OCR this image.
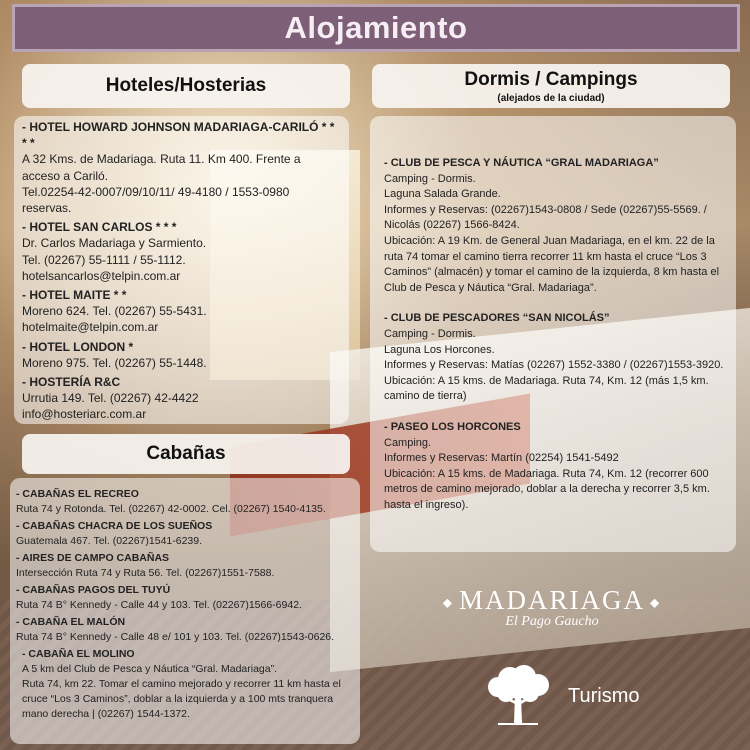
Alojamiento
Hoteles/Hosterias	Dormis / Campings
(alejados de la ciudad)
Cabañas
- HOTEL HOWARD JOHNSON MADARIAGA-CARILÓ * * * *
A 32 Kms. de Madariaga. Ruta 11. Km 400. Frente a acceso a Cariló.
Tel.02254-42-0007/09/10/11/ 49-4180 / 1553-0980 reservas.
- HOTEL SAN CARLOS * * *
Dr. Carlos Madariaga y Sarmiento.
Tel. (02267) 55-1111 / 55-1112.
hotelsancarlos@telpin.com.ar
- HOTEL MAITE * *
Moreno 624. Tel. (02267) 55-5431.
hotelmaite@telpin.com.ar
- HOTEL LONDON *
Moreno 975. Tel. (02267) 55-1448.
- HOSTERÍA R&C
Urrutia 149. Tel. (02267) 42-4422
info@hosteriarc.com.ar
- CLUB DE PESCA Y NÁUTICA “GRAL MADARIAGA”
Camping - Dormis.
Laguna Salada Grande.
Informes y Reservas: (02267)1543-0808 / Sede (02267)55-5569. / Nicolás (02267) 1566-8424.
Ubicación: A 19 Km. de General Juan Madariaga, en el km. 22 de la ruta 74 tomar el camino tierra recorrer 11 km hasta el cruce “Los 3 Caminos” (almacén) y tomar el camino de la izquierda, 8 km hasta el Club de Pesca y Náutica “Gral. Madariaga”.
- CLUB DE PESCADORES “SAN NICOLÁS”
Camping - Dormis.
Laguna Los Horcones.
Informes y Reservas: Matías (02267) 1552-3380 / (02267)1553-3920.
Ubicación: A 15 kms. de Madariaga. Ruta 74, Km. 12 (más 1,5 km. camino de tierra)
- PASEO LOS HORCONES
Camping.
Informes y Reservas: Martín (02254) 1541-5492
Ubicación: A 15 kms. de Madariaga. Ruta 74, Km. 12 (recorrer 600 metros de camino mejorado, doblar a la derecha y recorrer 3,5 km. hasta el ingreso).
- CABAÑAS EL RECREO
Ruta 74 y Rotonda. Tel. (02267) 42-0002. Cel. (02267) 1540-4135.
- CABAÑAS CHACRA DE LOS SUEÑOS
Guatemala 467. Tel. (02267)1541-6239.
- AIRES DE CAMPO CABAÑAS
Intersección Ruta 74 y Ruta 56. Tel. (02267)1551-7588.
- CABAÑAS PAGOS DEL TUYÚ
Ruta 74 B° Kennedy - Calle 44 y 103. Tel. (02267)1566-6942.
- CABAÑA EL MALÓN
Ruta 74 B° Kennedy - Calle 48 e/ 101 y 103. Tel. (02267)1543-0626.
- CABAÑA EL MOLINO
A 5 km del Club de Pesca y Náutica “Gral. Madariaga”.
Ruta 74, km 22. Tomar el camino mejorado y recorrer 11 km hasta el cruce “Los 3 Caminos”, doblar a la izquierda y a 100 mts tranquera mano derecha | (02267) 1544-1372.
◆ MADARIAGA ◆
El Pago Gaucho
Turismo
